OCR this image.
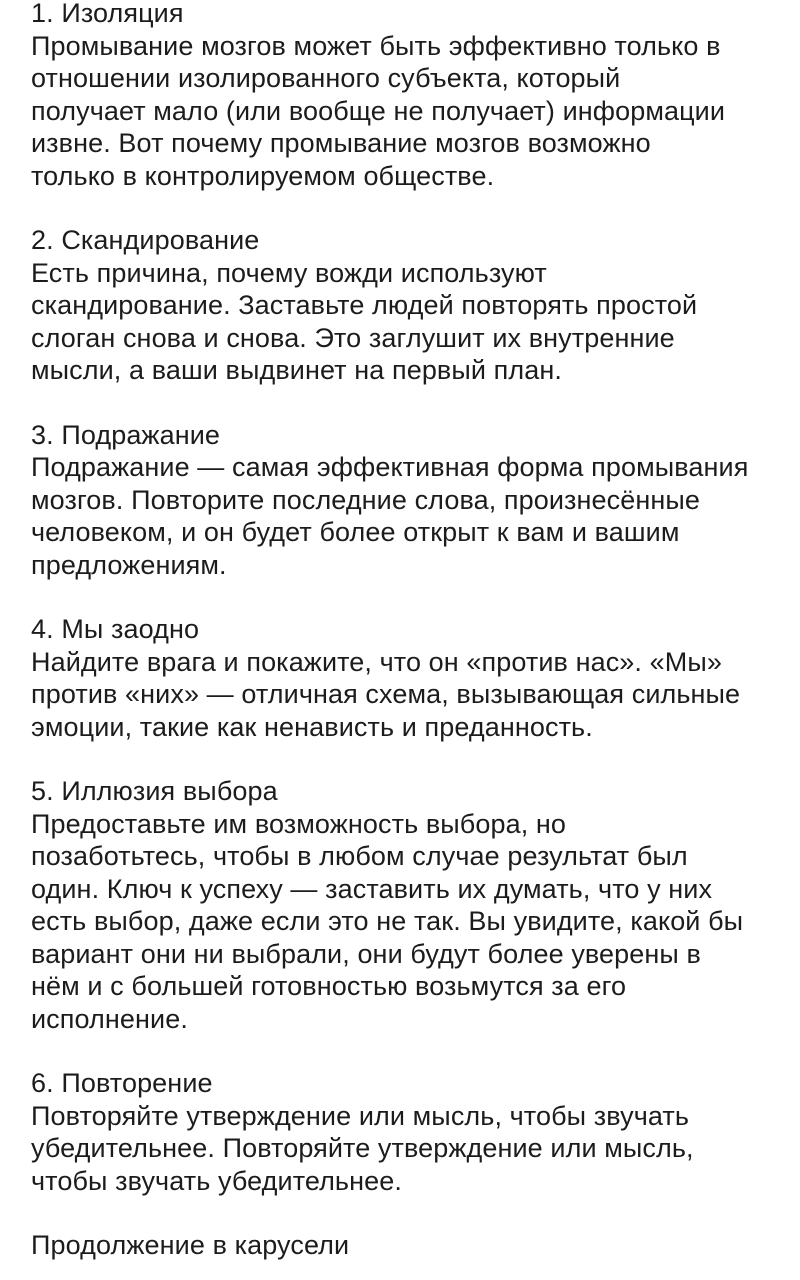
1. Изоляция

Промывание мозгов может быть эффективно только в
отношении изолированного субъекта, который
получает мало (или вообще не получает) информации
извне. Вот почему промывание мозгов возможно
только в контролируемом обществе.

2. Скандирование

Есть причина, почему вожди используют
скандирование. Заставьте людей повторять простой
слоган снова и снова. Это заглушит их внутренние
мысли, а ваши выдвинет на первый план.

3. Подражание

Подражание — самая эффективная форма промывания
мозгов. Повторите последние слова, произнесённые
человеком, и он будет более открыт к вам и вашим
предложениям.

4. Мы заодно

Найдите врага и покажите, что он «против нас». «Мы»
против «них» — отличная схема, вызывающая сильные
эмоции, такие как ненависть и преданность.

5. Иллюзия выбора

Предоставьте им возможность выбора, но
позаботьтесь, чтобы в любом случае результат был
один. Ключ к успеху — заставить их думать, что у них
есть выбор, даже если это не так. Вы увидите, какой бы
вариант они ни выбрали, они будут более уверены в
нём и с большей готовностью возьмутся за его
исполнение.

6. Повторение

Повторяйте утверждение или мысль, чтобы звучать
убедительнее. Повторяйте утверждение или мысль,
чтобы звучать убедительнее.

Продолжение в карусели
